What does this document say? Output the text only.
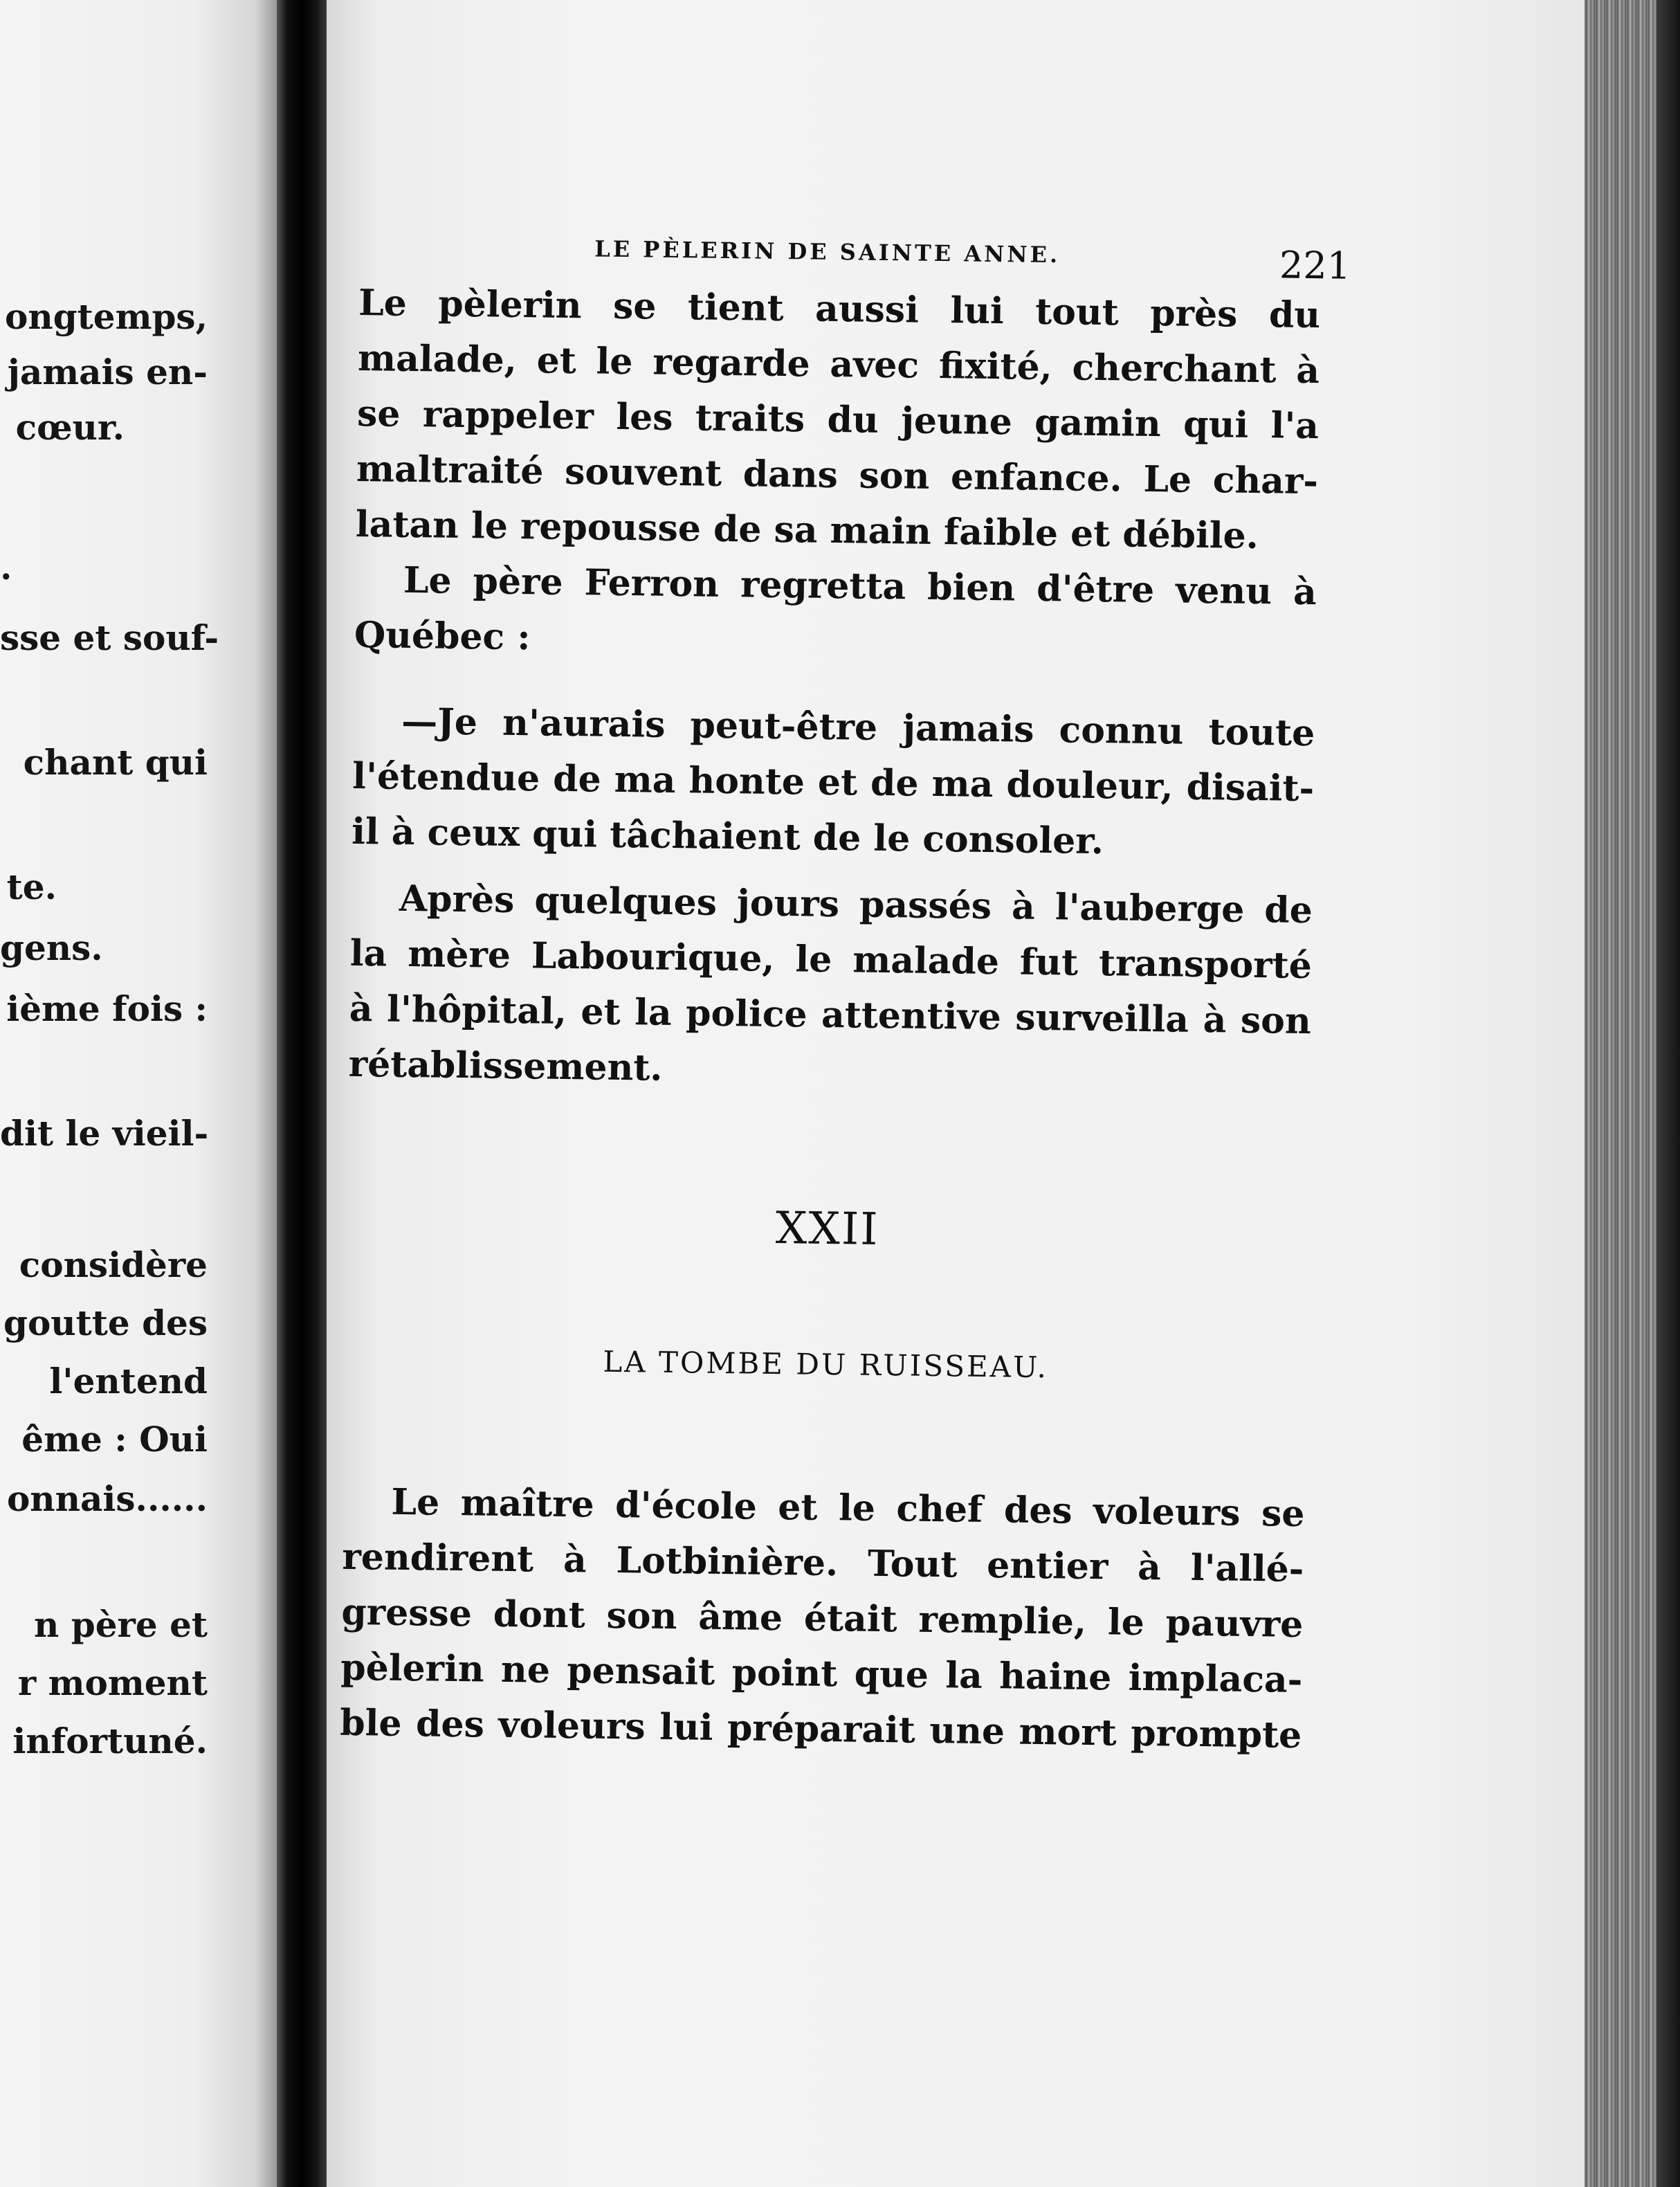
ongtemps,
jamais en-
cœur.
.
sse et souf-
chant qui
te.
gens.
ième fois :
dit le vieil-
considère
goutte des
l'entend
ême : Oui
onnais......
n père et
r moment
infortuné.
LE PÈLERIN DE SAINTE ANNE.	221
Le pèlerin se tient aussi lui tout près du
malade, et le regarde avec fixité, cherchant à
se rappeler les traits du jeune gamin qui l'a
maltraité souvent dans son enfance. Le char-
latan le repousse de sa main faible et débile.
Le père Ferron regretta bien d'être venu à
Québec :
—Je n'aurais peut-être jamais connu toute
l'étendue de ma honte et de ma douleur, disait-
il à ceux qui tâchaient de le consoler.
Après quelques jours passés à l'auberge de
la mère Labourique, le malade fut transporté
à l'hôpital, et la police attentive surveilla à son
rétablissement.
XXII
LA TOMBE DU RUISSEAU.
Le maître d'école et le chef des voleurs se
rendirent à Lotbinière. Tout entier à l'allé-
gresse dont son âme était remplie, le pauvre
pèlerin ne pensait point que la haine implaca-
ble des voleurs lui préparait une mort prompte
